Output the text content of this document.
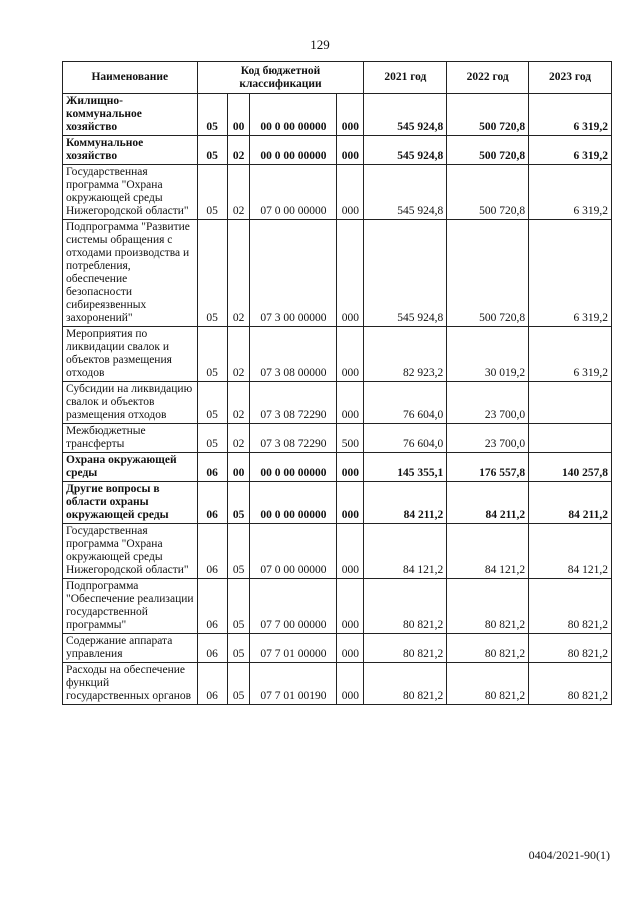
129
Наименование	Код бюджетной классификации				2021 год	2022 год	2023 год
Жилищно-коммунальное хозяйство	05	00	00 0 00 00000	000	545 924,8	500 720,8	6 319,2
Коммунальное хозяйство	05	02	00 0 00 00000	000	545 924,8	500 720,8	6 319,2
Государственная программа "Охрана окружающей среды Нижегородской области"	05	02	07 0 00 00000	000	545 924,8	500 720,8	6 319,2
Подпрограмма "Развитие системы обращения с отходами производства и потребления, обеспечение безопасности сибиреязвенных захоронений"	05	02	07 3 00 00000	000	545 924,8	500 720,8	6 319,2
Мероприятия по ликвидации свалок и объектов размещения отходов	05	02	07 3 08 00000	000	82 923,2	30 019,2	6 319,2
Субсидии на ликвидацию свалок и объектов размещения отходов	05	02	07 3 08 72290	000	76 604,0	23 700,0	
Межбюджетные трансферты	05	02	07 3 08 72290	500	76 604,0	23 700,0	
Охрана окружающей среды	06	00	00 0 00 00000	000	145 355,1	176 557,8	140 257,8
Другие вопросы в области охраны окружающей среды	06	05	00 0 00 00000	000	84 211,2	84 211,2	84 211,2
Государственная программа "Охрана окружающей среды Нижегородской области"	06	05	07 0 00 00000	000	84 121,2	84 121,2	84 121,2
Подпрограмма "Обеспечение реализации государственной программы"	06	05	07 7 00 00000	000	80 821,2	80 821,2	80 821,2
Содержание аппарата управления	06	05	07 7 01 00000	000	80 821,2	80 821,2	80 821,2
Расходы на обеспечение функций государственных органов	06	05	07 7 01 00190	000	80 821,2	80 821,2	80 821,2
0404/2021-90(1)
